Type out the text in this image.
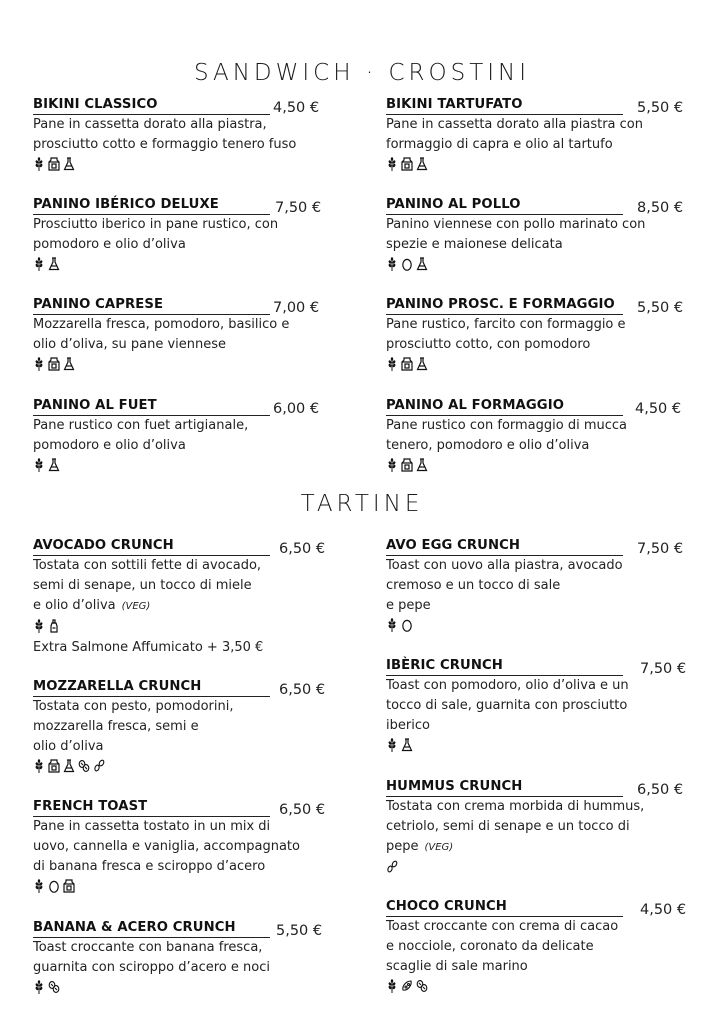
SANDWICH · CROSTINI
TARTINE
BIKINI CLASSICO	4,50 €

Pane in cassetta dorato alla piastra,
prosciutto cotto e formaggio tenero fuso

BIKINI TARTUFATO	5,50 €

Pane in cassetta dorato alla piastra con
formaggio di capra e olio al tartufo

PANINO IBÉRICO DELUXE	7,50 €

Prosciutto iberico in pane rustico, con
pomodoro e olio d’oliva

PANINO AL POLLO	8,50 €

Panino viennese con pollo marinato con
spezie e maionese delicata

PANINO CAPRESE	7,00 €

Mozzarella fresca, pomodoro, basilico e
olio d’oliva, su pane viennese

PANINO PROSC. E FORMAGGIO	5,50 €

Pane rustico, farcito con formaggio e
prosciutto cotto, con pomodoro

PANINO AL FUET	6,00 €

Pane rustico con fuet artigianale,
pomodoro e olio d’oliva

PANINO AL FORMAGGIO	4,50 €

Pane rustico con formaggio di mucca
tenero, pomodoro e olio d’oliva

AVOCADO CRUNCH	6,50 €

Tostata con sottili fette di avocado,
semi di senape, un tocco di miele
e olio d’oliva (VEG)

Extra Salmone Affumicato + 3,50 €
AVO EGG CRUNCH	7,50 €

Toast con uovo alla piastra, avocado
cremoso e un tocco di sale
e pepe

IBÈRIC CRUNCH	7,50 €

Toast con pomodoro, olio d’oliva e un
tocco di sale, guarnita con prosciutto
iberico

MOZZARELLA CRUNCH	6,50 €

Tostata con pesto, pomodorini,
mozzarella fresca, semi e
olio d’oliva

HUMMUS CRUNCH	6,50 €

Tostata con crema morbida di hummus,
cetriolo, semi di senape e un tocco di
pepe (VEG)

FRENCH TOAST	6,50 €

Pane in cassetta tostato in un mix di
uovo, cannella e vaniglia, accompagnato
di banana fresca e sciroppo d’acero

CHOCO CRUNCH	4,50 €

Toast croccante con crema di cacao
e nocciole, coronato da delicate
scaglie di sale marino

BANANA & ACERO CRUNCH	5,50 €

Toast croccante con banana fresca,
guarnita con sciroppo d’acero e noci
